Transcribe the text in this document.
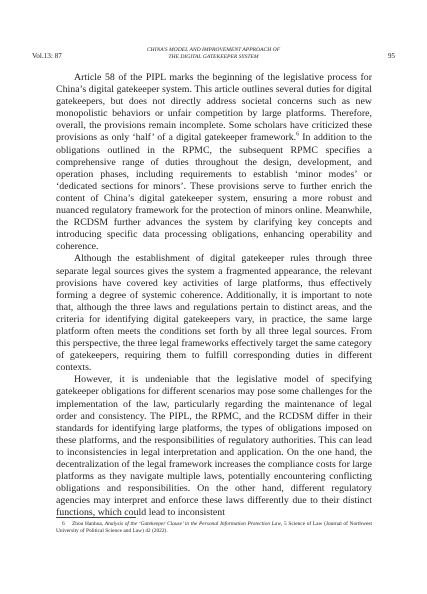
Vol.13: 87
CHINA'S MODEL AND IMPROVEMENT APPROACH OF
THE DIGITAL GATEKEEPER SYSTEM	95

Article 58 of the PIPL marks the beginning of the legislative process for China’s digital gatekeeper system. This article outlines several duties for digital gatekeepers, but does not directly address societal concerns such as new monopolistic behaviors or unfair competition by large platforms. Therefore, overall, the provisions remain incomplete. Some scholars have criticized these provisions as only ‘half’ of a digital gatekeeper framework.$^6$ In addition to the obligations outlined in the RPMC, the subsequent RPMC specifies a comprehensive range of duties throughout the design, development, and operation phases, including requirements to establish ‘minor modes’ or ‘dedicated sections for minors’. These provisions serve to further enrich the content of China’s digital gatekeeper system, ensuring a more robust and nuanced regulatory framework for the protection of minors online. Meanwhile, the RCDSM further advances the system by clarifying key concepts and introducing specific data processing obligations, enhancing operability and coherence.

Although the establishment of digital gatekeeper rules through three separate legal sources gives the system a fragmented appearance, the relevant provisions have covered key activities of large platforms, thus effectively forming a degree of systemic coherence. Additionally, it is important to note that, although the three laws and regulations pertain to distinct areas, and the criteria for identifying digital gatekeepers vary, in practice, the same large platform often meets the conditions set forth by all three legal sources. From this perspective, the three legal frameworks effectively target the same category of gatekeepers, requiring them to fulfill corresponding duties in different contexts.

However, it is undeniable that the legislative model of specifying gatekeeper obligations for different scenarios may pose some challenges for the implementation of the law, particularly regarding the maintenance of legal order and consistency. The PIPL, the RPMC, and the RCDSM differ in their standards for identifying large platforms, the types of obligations imposed on these platforms, and the responsibilities of regulatory authorities. This can lead to inconsistencies in legal interpretation and application. On the one hand, the decentralization of the legal framework increases the compliance costs for large platforms as they navigate multiple laws, potentially encountering conflicting obligations and responsibilities. On the other hand, different regulatory agencies may interpret and enforce these laws differently due to their distinct functions, which could lead to inconsistent

6 Zhou Hanhua, Analysis of the ‘Gatekeeper Clause’ in the Personal Information Protection Law, 5 Science of Law (Journal of Northwest University of Political Science and Law) 42 (2022).
